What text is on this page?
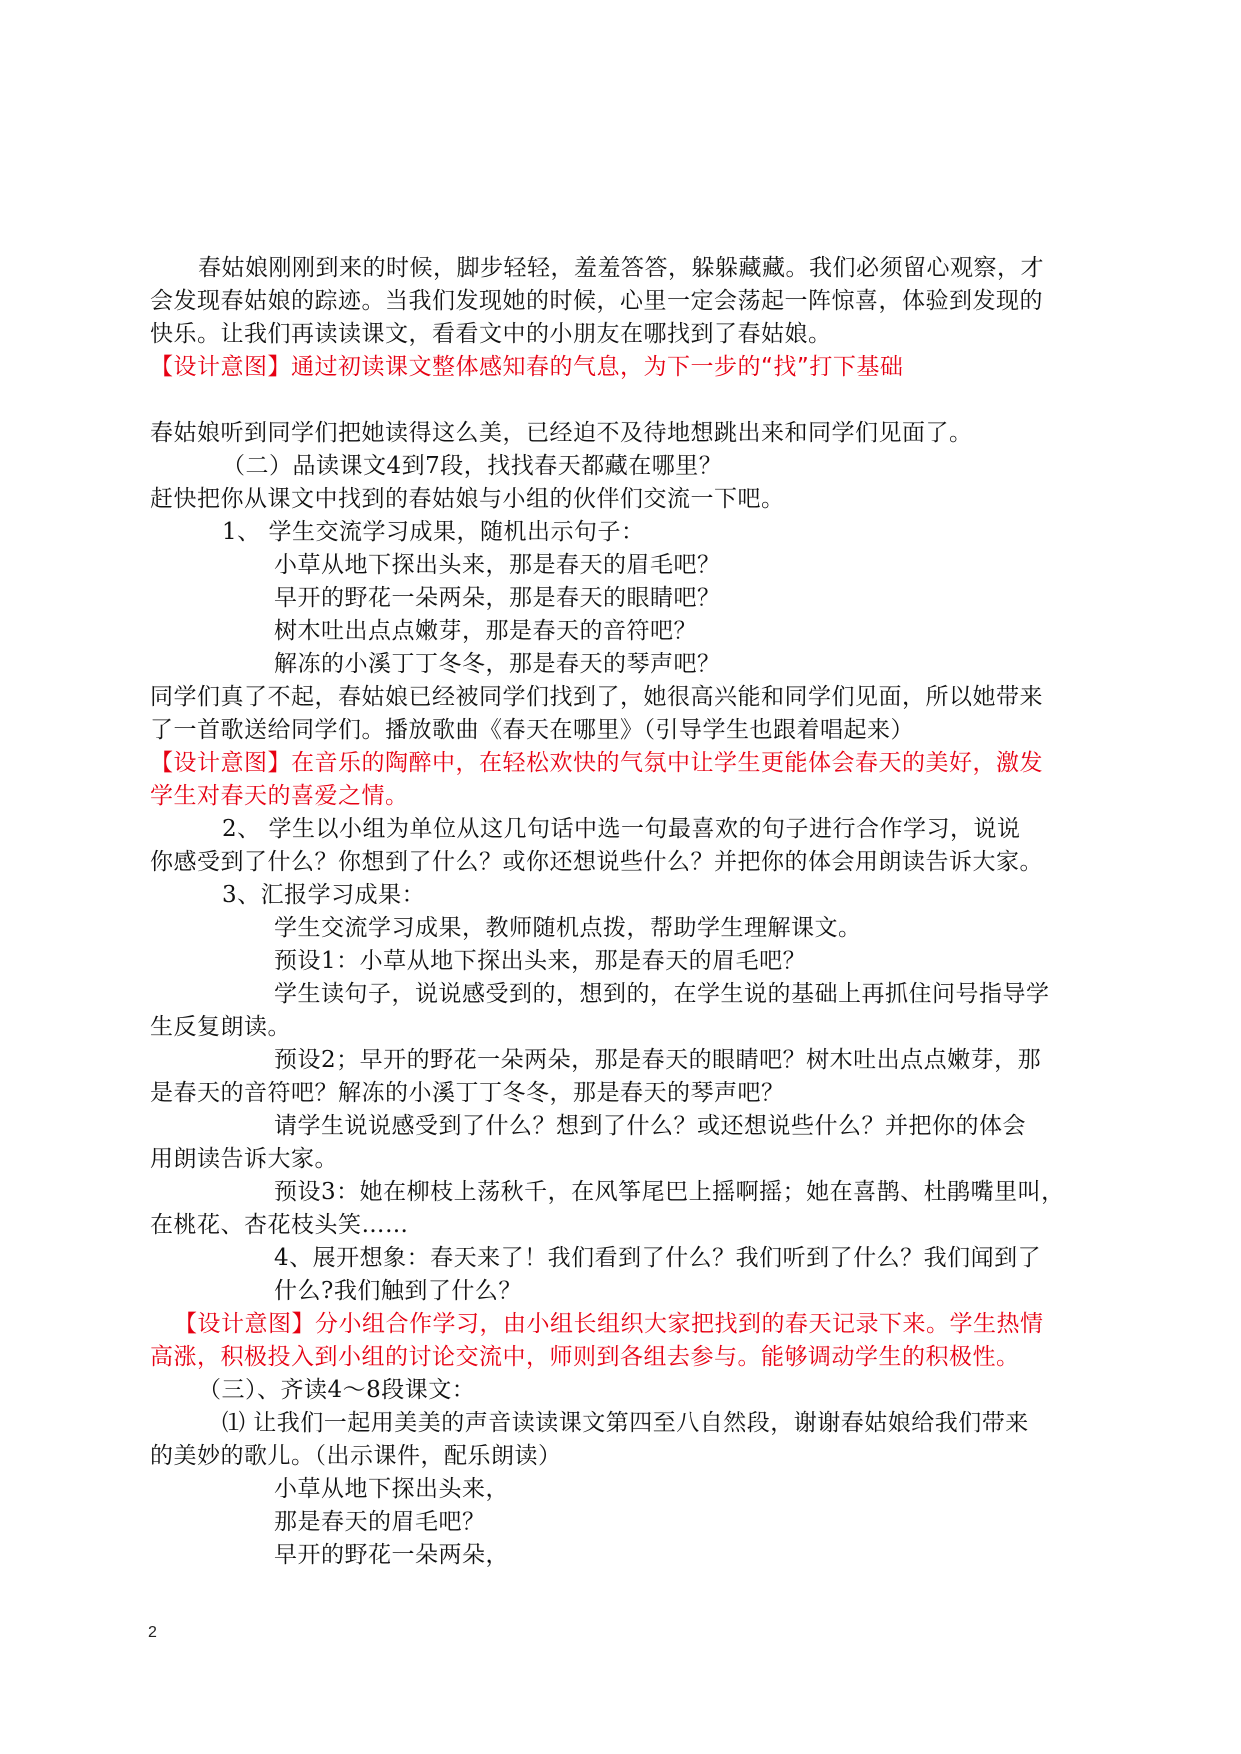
春姑娘刚刚到来的时候，脚步轻轻，羞羞答答，躲躲藏藏。我们必须留心观察，才
会发现春姑娘的踪迹。当我们发现她的时候，心里一定会荡起一阵惊喜，体验到发现的
快乐。让我们再读读课文，看看文中的小朋友在哪找到了春姑娘。
【设计意图】通过初读课文整体感知春的气息，为下一步的“找”打下基础
春姑娘听到同学们把她读得这么美，已经迫不及待地想跳出来和同学们见面了。
（二）品读课文4到7段，找找春天都藏在哪里？
赶快把你从课文中找到的春姑娘与小组的伙伴们交流一下吧。
1、 学生交流学习成果，随机出示句子：
小草从地下探出头来，那是春天的眉毛吧？
早开的野花一朵两朵，那是春天的眼睛吧？
树木吐出点点嫩芽，那是春天的音符吧？
解冻的小溪丁丁冬冬，那是春天的琴声吧？
同学们真了不起，春姑娘已经被同学们找到了，她很高兴能和同学们见面，所以她带来
了一首歌送给同学们。播放歌曲《春天在哪里》（引导学生也跟着唱起来）
【设计意图】在音乐的陶醉中，在轻松欢快的气氛中让学生更能体会春天的美好，激发
学生对春天的喜爱之情。
2、 学生以小组为单位从这几句话中选一句最喜欢的句子进行合作学习，说说
你感受到了什么？你想到了什么？或你还想说些什么？并把你的体会用朗读告诉大家。
3、汇报学习成果：
学生交流学习成果，教师随机点拨，帮助学生理解课文。
预设1：小草从地下探出头来，那是春天的眉毛吧？
学生读句子，说说感受到的，想到的，在学生说的基础上再抓住问号指导学
生反复朗读。
预设2；早开的野花一朵两朵，那是春天的眼睛吧？树木吐出点点嫩芽，那
是春天的音符吧？解冻的小溪丁丁冬冬，那是春天的琴声吧？
请学生说说感受到了什么？想到了什么？或还想说些什么？并把你的体会
用朗读告诉大家。
预设3：她在柳枝上荡秋千，在风筝尾巴上摇啊摇；她在喜鹊、杜鹃嘴里叫，
在桃花、杏花枝头笑……
4、展开想象：春天来了！我们看到了什么？我们听到了什么？我们闻到了
什么?我们触到了什么？
【设计意图】分小组合作学习，由小组长组织大家把找到的春天记录下来。学生热情
高涨，积极投入到小组的讨论交流中，师则到各组去参与。能够调动学生的积极性。
（三）、齐读4～8段课文：
⑴ 让我们一起用美美的声音读读课文第四至八自然段，谢谢春姑娘给我们带来
的美妙的歌儿。（出示课件，配乐朗读）
小草从地下探出头来，
那是春天的眉毛吧？
早开的野花一朵两朵，
2
